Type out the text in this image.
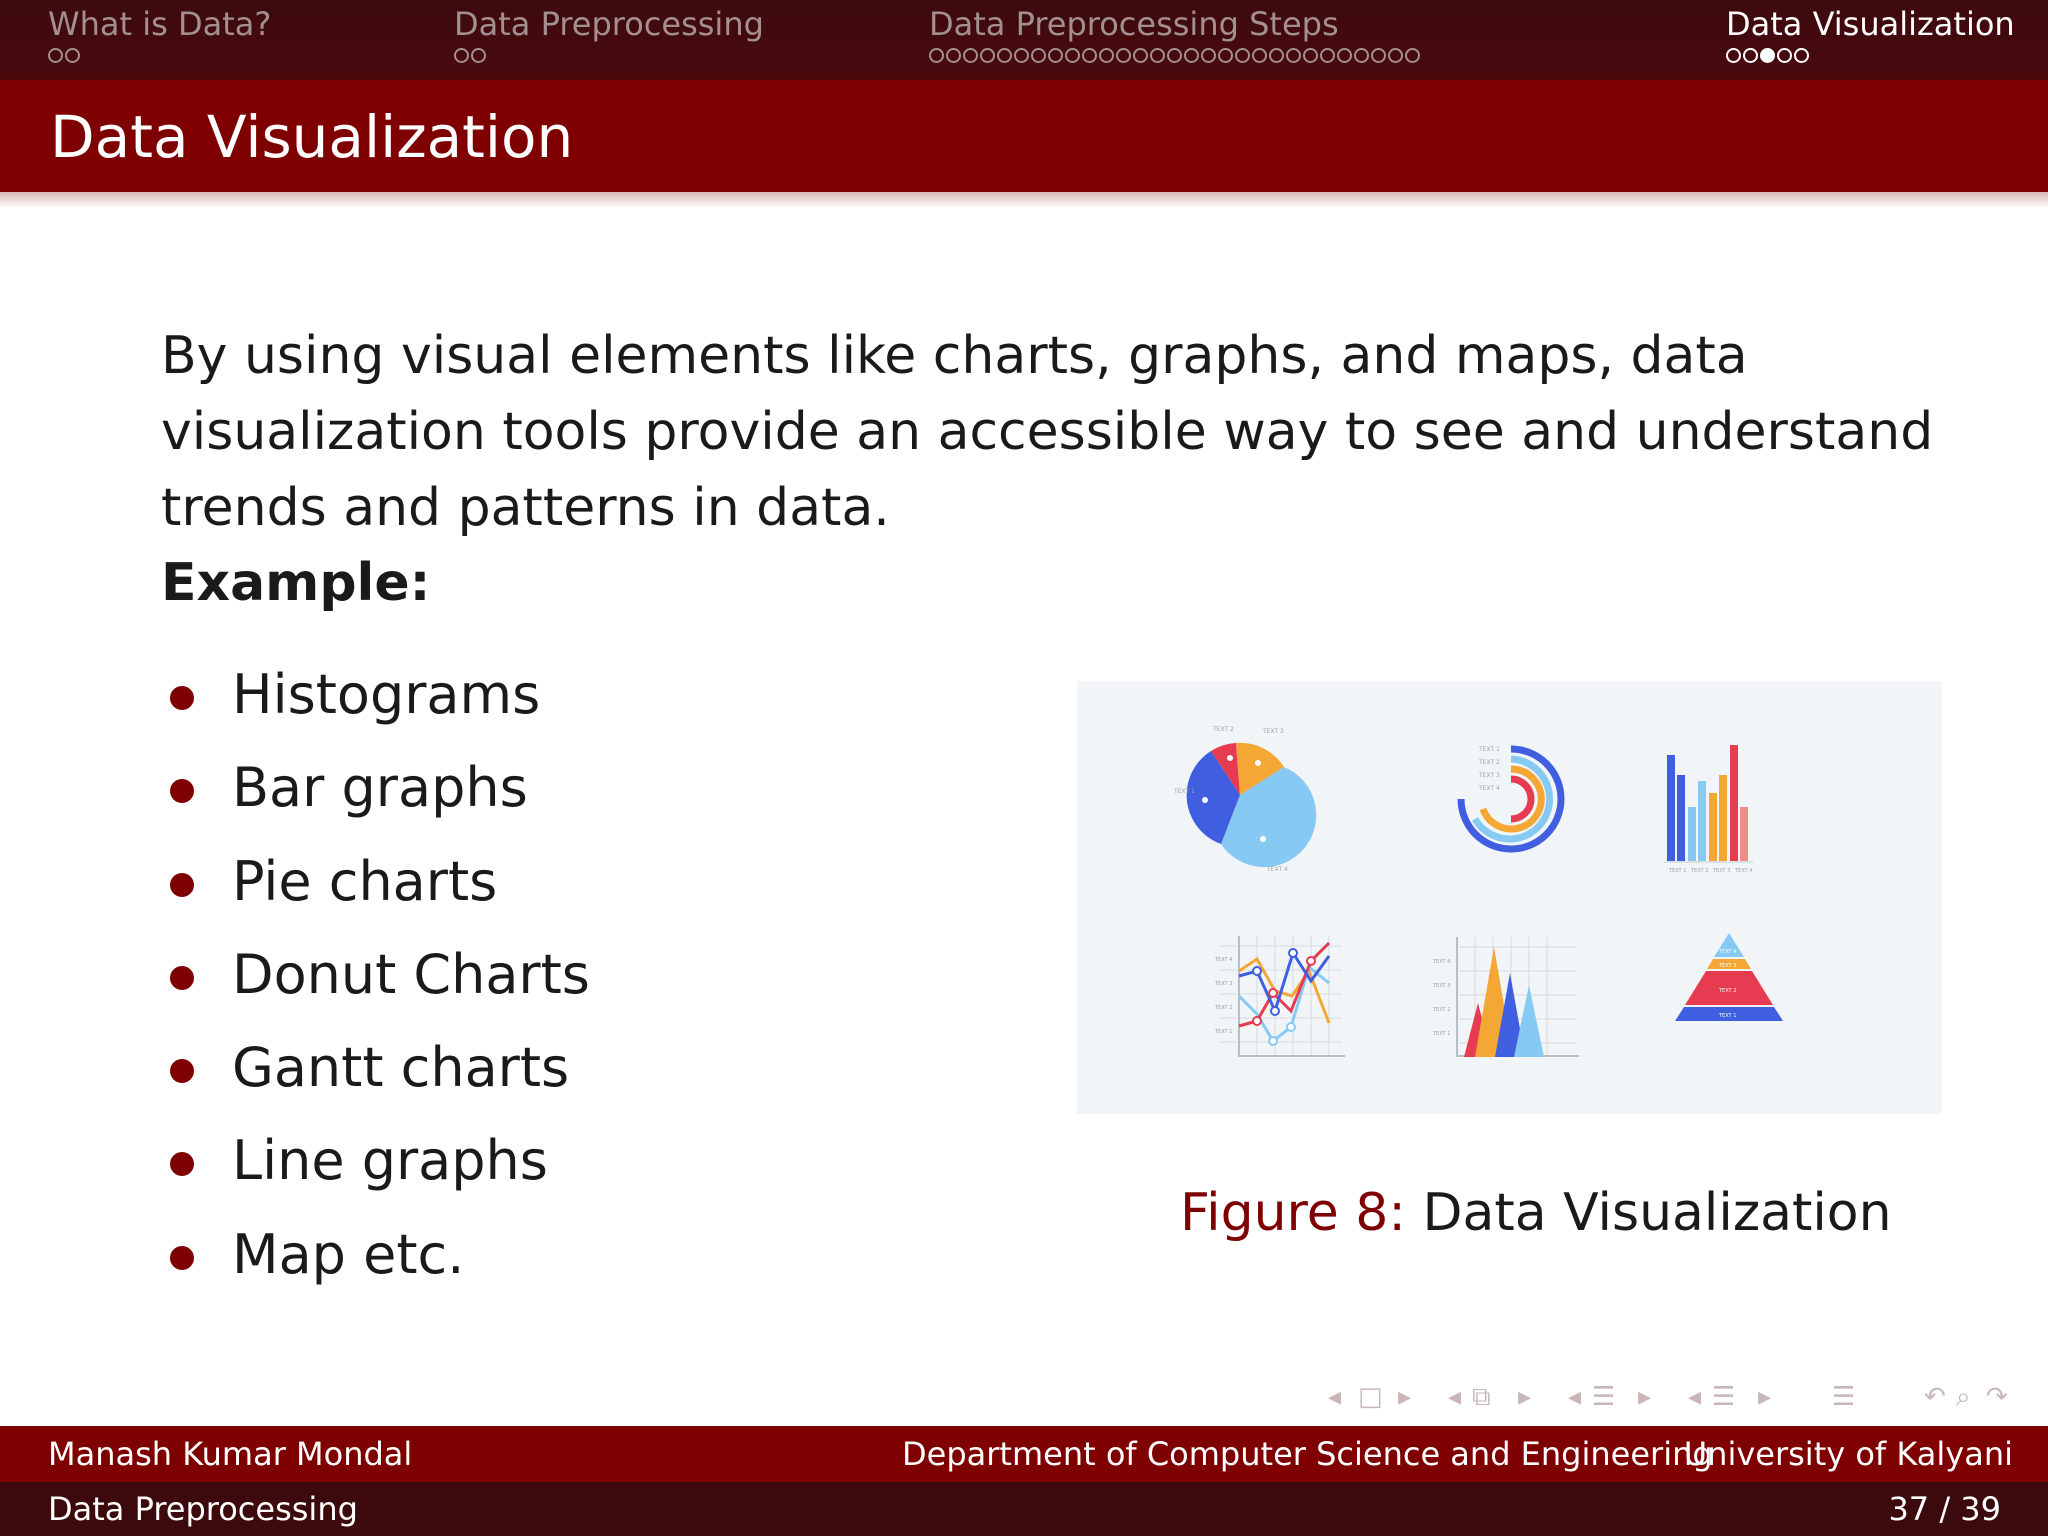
What is Data?	Data Preprocessing	Data Preprocessing Steps	Data Visualization
Data Visualization
By using visual elements like charts, graphs, and maps, data visualization tools provide an accessible way to see and understand trends and patterns in data.
Example:
Histograms
Bar graphs
Pie charts
Donut Charts
Gantt charts
Line graphs
Map etc.
TEXT 1
TEXT 2	TEXT 3
TEXT 4
TEXT 1
TEXT 2
TEXT 3
TEXT 4
TEXT 1 TEXT 2 TEXT 3 TEXT 4
TEXT 4
TEXT 3
TEXT 2
TEXT 1
TEXT 4
TEXT 3
TEXT 2
TEXT 1
TEXT 4
TEXT 3
TEXT 2
TEXT 1
Figure 8: Data Visualization
◂ □ ▸ ◂ ⧉ ▸ ◂ ☰ ▸ ◂ ☰ ▸ ☰	↶ ⌕ ↷
Manash Kumar Mondal	Department of Computer Science and Engineering
University of Kalyani
Data Preprocessing	37 / 39
